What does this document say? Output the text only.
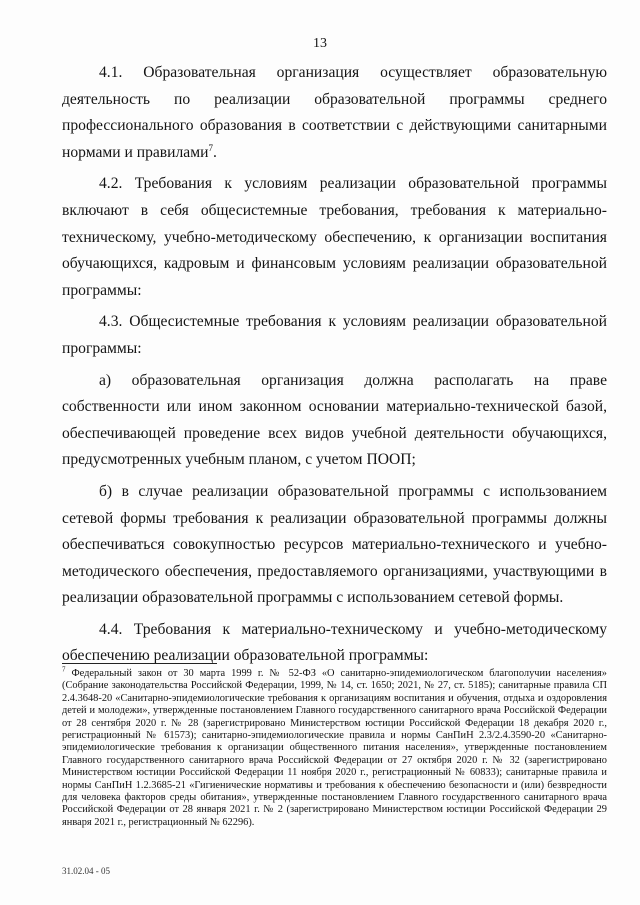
13

4.1. Образовательная организация осуществляет образовательную деятельность по реализации образовательной программы среднего профессионального образования в соответствии с действующими санитарными нормами и правилами$^7$.

4.2. Требования к условиям реализации образовательной программы включают в себя общесистемные требования, требования к материально-техническому, учебно-методическому обеспечению, к организации воспитания обучающихся, кадровым и финансовым условиям реализации образовательной программы:

4.3. Общесистемные требования к условиям реализации образовательной программы:

а) образовательная организация должна располагать на праве собственности или ином законном основании материально-технической базой, обеспечивающей проведение всех видов учебной деятельности обучающихся, предусмотренных учебным планом, с учетом ПООП;

б) в случае реализации образовательной программы с использованием сетевой формы требования к реализации образовательной программы должны обеспечиваться совокупностью ресурсов материально-технического и учебно-методического обеспечения, предоставляемого организациями, участвующими в реализации образовательной программы с использованием сетевой формы.

4.4. Требования к материально-техническому и учебно-методическому обеспечению реализации образовательной программы:

$^7$ Федеральный закон от 30 марта 1999 г. № 52-ФЗ «О санитарно-эпидемиологическом благополучии населения» (Собрание законодательства Российской Федерации, 1999, № 14, ст. 1650; 2021, № 27, ст. 5185); санитарные правила СП 2.4.3648-20 «Санитарно-эпидемиологические требования к организациям воспитания и обучения, отдыха и оздоровления детей и молодежи», утвержденные постановлением Главного государственного санитарного врача Российской Федерации от 28 сентября 2020 г. № 28 (зарегистрировано Министерством юстиции Российской Федерации 18 декабря 2020 г., регистрационный № 61573); санитарно-эпидемиологические правила и нормы СанПиН 2.3/2.4.3590-20 «Санитарно-эпидемиологические требования к организации общественного питания населения», утвержденные постановлением Главного государственного санитарного врача Российской Федерации от 27 октября 2020 г. № 32 (зарегистрировано Министерством юстиции Российской Федерации 11 ноября 2020 г., регистрационный № 60833); санитарные правила и нормы СанПиН 1.2.3685-21 «Гигиенические нормативы и требования к обеспечению безопасности и (или) безвредности для человека факторов среды обитания», утвержденные постановлением Главного государственного санитарного врача Российской Федерации от 28 января 2021 г. № 2 (зарегистрировано Министерством юстиции Российской Федерации 29 января 2021 г., регистрационный № 62296).
31.02.04 - 05
